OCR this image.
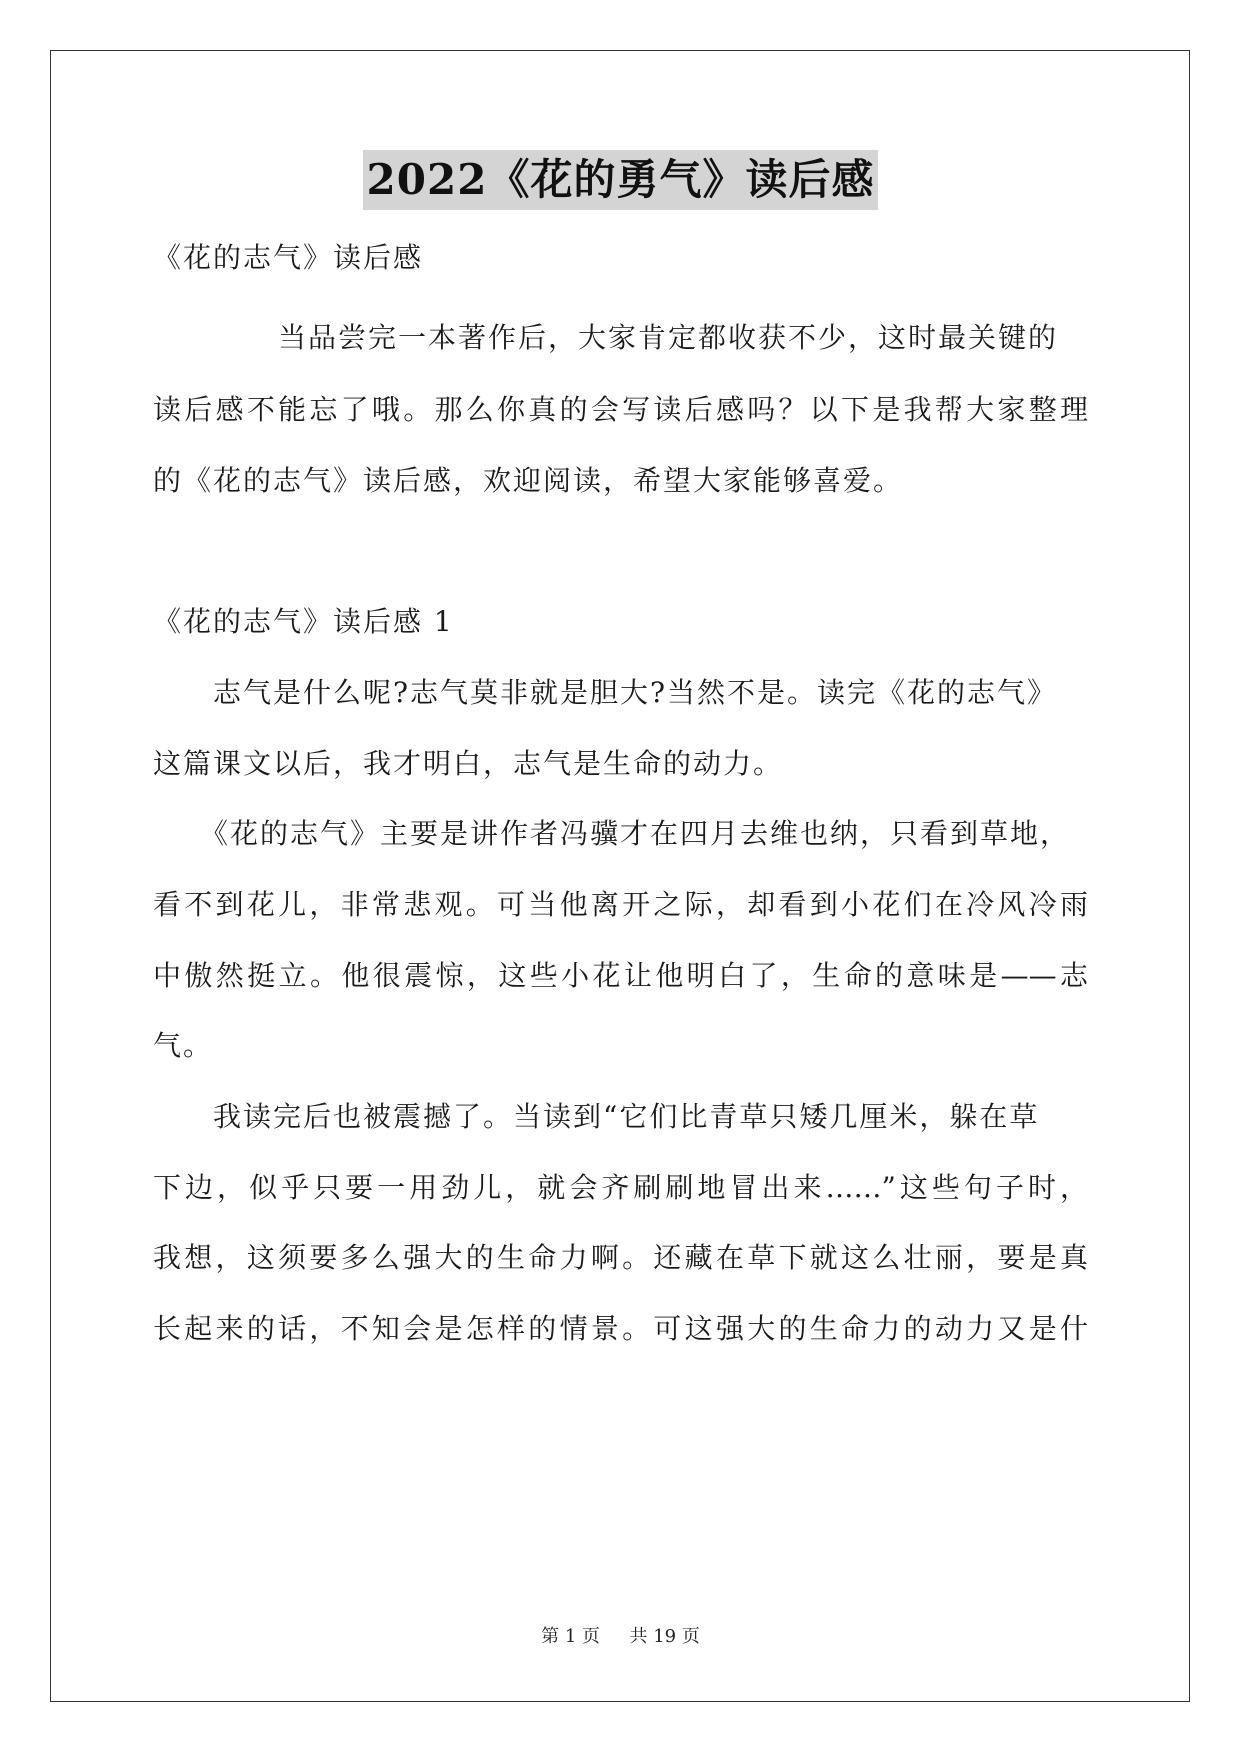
2022《花的勇气》读后感
《花的志气》读后感
当品尝完一本著作后，大家肯定都收获不少，这时最关键的
读后感不能忘了哦。那么你真的会写读后感吗？以下是我帮大家整理
的《花的志气》读后感，欢迎阅读，希望大家能够喜爱。
《花的志气》读后感 1
志气是什么呢?志气莫非就是胆大?当然不是。读完《花的志气》
这篇课文以后，我才明白，志气是生命的动力。
《花的志气》主要是讲作者冯骥才在四月去维也纳，只看到草地，
看不到花儿，非常悲观。可当他离开之际，却看到小花们在冷风冷雨
中傲然挺立。他很震惊，这些小花让他明白了，生命的意味是——志
气。
我读完后也被震撼了。当读到“它们比青草只矮几厘米，躲在草
下边，似乎只要一用劲儿，就会齐刷刷地冒出来……”这些句子时，
我想，这须要多么强大的生命力啊。还藏在草下就这么壮丽，要是真
长起来的话，不知会是怎样的情景。可这强大的生命力的动力又是什
第 1 页 共 19 页
